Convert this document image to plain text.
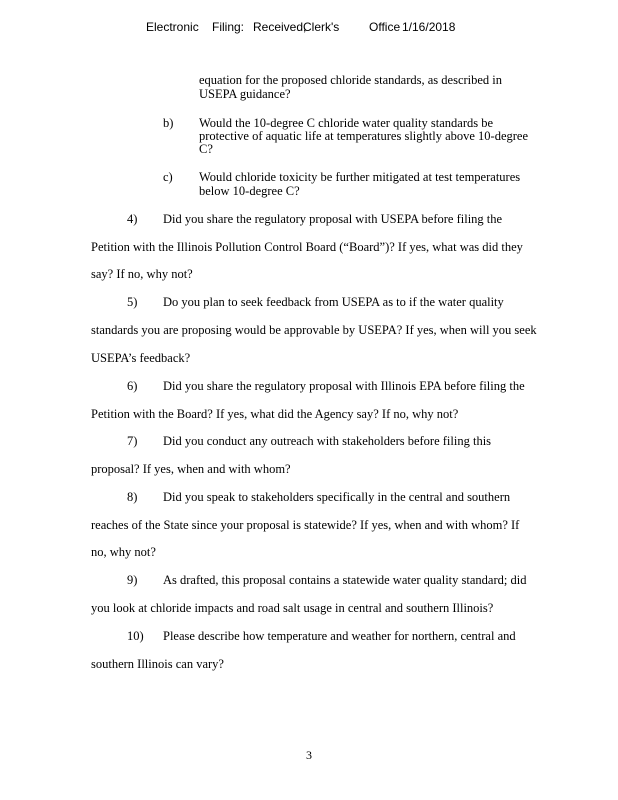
Electronic Filing: Received,
Clerk's Office 1/16/2018
equation for the proposed chloride standards, as described in
USEPA guidance?
b) Would the 10-degree C chloride water quality standards be
protective of aquatic life at temperatures slightly above 10-degree
C?
c) Would chloride toxicity be further mitigated at test temperatures
below 10-degree C?
4) Did you share the regulatory proposal with USEPA before filing the
Petition with the Illinois Pollution Control Board (“Board”)? If yes, what was did they
say? If no, why not?
5) Do you plan to seek feedback from USEPA as to if the water quality
standards you are proposing would be approvable by USEPA? If yes, when will you seek
USEPA’s feedback?
6) Did you share the regulatory proposal with Illinois EPA before filing the
Petition with the Board? If yes, what did the Agency say? If no, why not?
7) Did you conduct any outreach with stakeholders before filing this
proposal? If yes, when and with whom?
8) Did you speak to stakeholders specifically in the central and southern
reaches of the State since your proposal is statewide? If yes, when and with whom? If
no, why not?
9) As drafted, this proposal contains a statewide water quality standard; did
you look at chloride impacts and road salt usage in central and southern Illinois?
10) Please describe how temperature and weather for northern, central and
southern Illinois can vary?
3
